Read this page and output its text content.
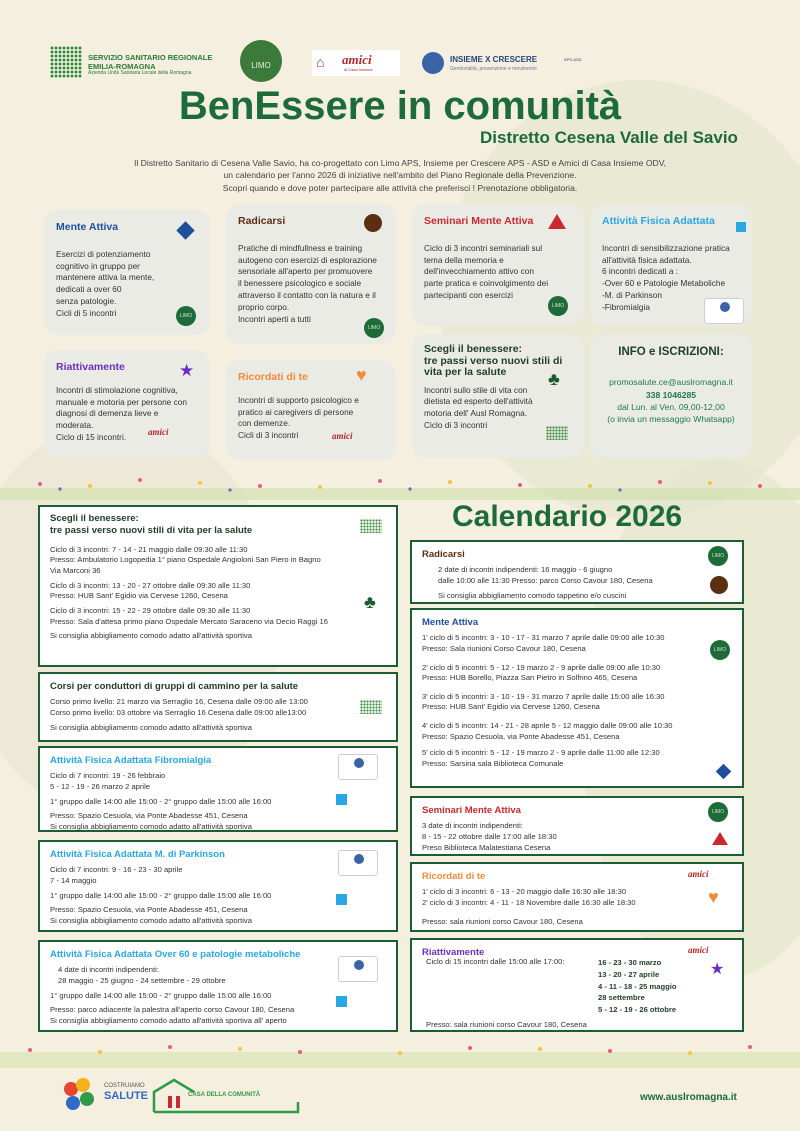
SERVIZIO SANITARIO REGIONALE
EMILIA-ROMAGNA
Azienda Unità Sanitaria Locale della Romagna
LIMO	⌂ amici
di Casa Insieme
INSIEME X CRESCERE	APS-ASD
Genitorialità, prevenzione e movimento
BenEssere in comunità
Distretto Cesena Valle del Savio
Il Distretto Sanitario di Cesena Valle Savio, ha co-progettato con Limo APS, Insieme per Crescere APS - ASD e Amici di Casa Insieme ODV,
un calendario per l'anno 2026 di iniziative nell'ambito del Piano Regionale della Prevenzione.
Scopri quando e dove poter partecipare alle attività che preferisci ! Prenotazione obbligatoria.
Mente Attiva
Esercizi di potenziamento
cognitivo in gruppo per
mantenere attiva la mente,
dedicati a over 60
senza patologie.
Cicli di 5 incontri	LIMO
Radicarsi
Pratiche di mindfullness e training
autogeno con esercizi di esplorazione
sensoriale all'aperto per promuovere
il benessere psicologico e sociale
attraverso il contatto con la natura e il
proprio corpo.
Incontri aperti a tutti
LIMO
Seminari Mente Attiva
Ciclo di 3 incontri seminariali sul
tema della memoria e
dell'invecchiamento attivo con
parte pratica e coinvolgimento dei
partecipanti con esercizi
LIMO
Attività Fisica Adattata
Incontri di sensibilizzazione pratica
all'attività fisica adattata.
6 incontri dedicati a :
-Over 60 e Patologie Metaboliche
-M. di Parkinson
-Fibromialgia
Riattivamente
Incontri di stimolazione cognitiva,
manuale e motoria per persone con
diagnosi di demenza lieve e
moderata.
Ciclo di 15 incontri.
★
amici
Ricordati di te
Incontri di supporto psicologico e
pratico ai caregivers di persone
con demenze.
Cicli di 3 incontri
♥
amici
Scegli il benessere:
tre passi verso nuovi stili di
vita per la salute
Incontri sullo stile di vita con
dietista ed esperto dell'attività
motoria dell' Ausl Romagna.
Ciclo di 3 incontri
♣
INFO e ISCRIZIONI:
promosalute.ce@auslromagna.it
338 1046285
dal Lun. al Ven. 09,00-12,00
(o invia un messaggio Whatsapp)
Calendario 2026
Scegli il benessere:
tre passi verso nuovi stili di vita per la salute
Ciclo di 3 incontri: 7 - 14 - 21 maggio dalle 09:30 alle 11:30
Presso: Ambulatorio Logopedia 1° piano Ospedale Angioloni San Piero in Bagno
Via Marconi 36
Ciclo di 3 incontri: 13 - 20 - 27 ottobre dalle 09:30 alle 11:30
Presso: HUB Sant' Egidio via Cervese 1260, Cesena
Ciclo di 3 incontri: 15 - 22 - 29 ottobre dalle 09:30 alle 11:30
Presso: Sala d'attesa primo piano Ospedale Mercato Saraceno via Decio Raggi 16
Si consiglia abbigliamento comodo adatto all'attività sportiva
♣
Corsi per conduttori di gruppi di cammino per la salute
Corso primo livello: 21 marzo via Serraglio 16, Cesena dalle 09:00 alle 13:00
Corso primo livello: 03 ottobre via Serraglio 16 Cesena dalle 09:00 alle13:00
Si consiglia abbigliamento comodo adatto all'attività sportiva
Attività Fisica Adattata Fibromialgia
Ciclo di 7 incontri: 19 - 26 febbraio
5 - 12 - 19 - 26 marzo 2 aprile
1° gruppo dalle 14:00 alle 15:00 - 2° gruppo dalle 15:00 alle 16:00
Presso: Spazio Cesuola, via Ponte Abadesse 451, Cesena
Si consiglia abbigliamento comodo adatto all'attività sportiva
Attività Fisica Adattata M. di Parkinson
Ciclo di 7 incontri: 9 - 16 - 23 - 30 aprile
7 - 14 maggio
1° gruppo dalle 14:00 alle 15:00 - 2° gruppo dalle 15:00 alle 16:00
Presso: Spazio Cesuola, via Ponte Abadesse 451, Cesena
Si consiglia abbigliamento comodo adatto all'attività sportiva
Attività Fisica Adattata Over 60 e patologie metaboliche
4 date di incontri indipendenti:
28 maggio - 25 giugno - 24 settembre - 29 ottobre
1° gruppo dalle 14:00 alle 15:00 - 2° gruppo dalle 15:00 alle 16:00
Presso: parco adiacente la palestra all'aperto corso Cavour 180, Cesena
Si consiglia abbigliamento comodo adatto all'attività sportiva all' aperto
Radicarsi
2 date di incontri indipendenti: 16 maggio - 6 giugno
dalle 10:00 alle 11:30 Presso: parco Corso Cavour 180, Cesena
Si consiglia abbigliamento comodo tappetino e/o cuscini
LIMO
Mente Attiva
1' ciclo di 5 incontri: 3 - 10 - 17 - 31 marzo 7 aprile dalle 09:00 alle 10:30
Presso: Sala riunioni Corso Cavour 180, Cesena
2' ciclo di 5 incontri: 5 - 12 - 19 marzo 2 - 9 aprile dalle 09:00 alle 10:30
Presso: HUB Borello, Piazza San Pietro in Solfrino 465, Cesena
3' ciclo di 5 incontri: 3 - 10 - 19 - 31 marzo 7 aprile dalle 15:00 alle 16:30
Presso: HUB Sant' Egidio via Cervese 1260, Cesena
4' ciclo di 5 incontri: 14 - 21 - 28 aprile 5 - 12 maggio dalle 09:00 alle 10:30
Presso: Spazio Cesuola, via Ponte Abadesse 451, Cesena
5' ciclo di 5 incontri: 5 - 12 - 19 marzo 2 - 9 aprile dalle 11:00 alle 12:30
Presso: Sarsina sala Biblioteca Comunale
LIMO
Seminari Mente Attiva
3 date di incontri indipendenti:
8 - 15 - 22 ottobre dalle 17:00 alle 18:30
Preso Biblioteca Malatestiana Cesena
LIMO
Ricordati di te
1' ciclo di 3 incontri: 6 - 13 - 20 maggio dalle 16:30 alle 18:30
2' ciclo di 3 incontri: 4 - 11 - 18 Novembre dalle 16:30 alle 18:30
Presso: sala riunioni corso Cavour 180, Cesena
amici
♥
Riattivamente
Ciclo di 15 incontri dalle 15:00 alle 17:00:	16 - 23 - 30 marzo
13 - 20 - 27 aprile
4 - 11 - 18 - 25 maggio
28 settembre
5 - 12 - 19 - 26 ottobre
Presso: sala riunioni corso Cavour 180, Cesena
amici
★
COSTRUIAMO
SALUTE	CASA DELLA COMUNITÀ	www.auslromagna.it
